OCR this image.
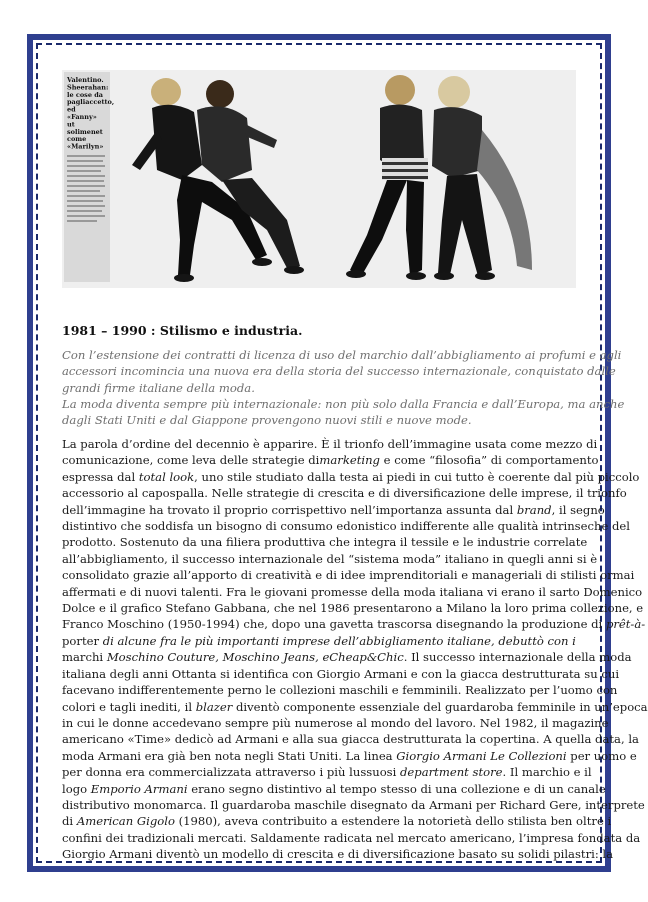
Valentino.
Sheerahan:
le cose da
pagliaccetto,
ed
«Fanny»
ut
solimenet
come
«Marilyn»
1981 – 1990 : Stilismo e industria.
Con l’estensione dei contratti di licenza di uso del marchio dall’abbigliamento ai profumi e agli
accessori incomincia una nuova era della storia del successo internazionale, conquistato dalle
grandi firme italiane della moda.
La moda diventa sempre più internazionale: non più solo dalla Francia e dall’Europa, ma anche
dagli Stati Uniti e dal Giappone provengono nuovi stili e nuove mode.
La parola d’ordine del decennio è apparire. È il trionfo dell’immagine usata come mezzo di
comunicazione, come leva delle strategie dimarketing e come “filosofia” di comportamento
espressa dal total look, uno stile studiato dalla testa ai piedi in cui tutto è coerente dal più piccolo
accessorio al capospalla. Nelle strategie di crescita e di diversificazione delle imprese, il trionfo
dell’immagine ha trovato il proprio corrispettivo nell’importanza assunta dal brand, il segno
distintivo che soddisfa un bisogno di consumo edonistico indifferente alle qualità intrinseche del
prodotto. Sostenuto da una filiera produttiva che integra il tessile e le industrie correlate
all’abbigliamento, il successo internazionale del “sistema moda” italiano in quegli anni si è
consolidato grazie all’apporto di creatività e di idee imprenditoriali e manageriali di stilisti ormai
affermati e di nuovi talenti. Fra le giovani promesse della moda italiana vi erano il sarto Domenico
Dolce e il grafico Stefano Gabbana, che nel 1986 presentarono a Milano la loro prima collezione, e
Franco Moschino (1950-1994) che, dopo una gavetta trascorsa disegnando la produzione di prêt-à-
porter di alcune fra le più importanti imprese dell’abbigliamento italiane, debuttò con i
marchi Moschino Couture, Moschino Jeans, eCheap&Chic. Il successo internazionale della moda
italiana degli anni Ottanta si identifica con Giorgio Armani e con la giacca destrutturata su cui
facevano indifferentemente perno le collezioni maschili e femminili. Realizzato per l’uomo con
colori e tagli inediti, il blazer diventò componente essenziale del guardaroba femminile in un’epoca
in cui le donne accedevano sempre più numerose al mondo del lavoro. Nel 1982, il magazine
americano «Time» dedicò ad Armani e alla sua giacca destrutturata la copertina. A quella data, la
moda Armani era già ben nota negli Stati Uniti. La linea Giorgio Armani Le Collezioni per uomo e
per donna era commercializzata attraverso i più lussuosi department store. Il marchio e il
logo Emporio Armani erano segno distintivo al tempo stesso di una collezione e di un canale
distributivo monomarca. Il guardaroba maschile disegnato da Armani per Richard Gere, interprete
di American Gigolo (1980), aveva contribuito a estendere la notorietà dello stilista ben oltre i
confini dei tradizionali mercati. Saldamente radicata nel mercato americano, l’impresa fondata da
Giorgio Armani diventò un modello di crescita e di diversificazione basato su solidi pilastri: la
